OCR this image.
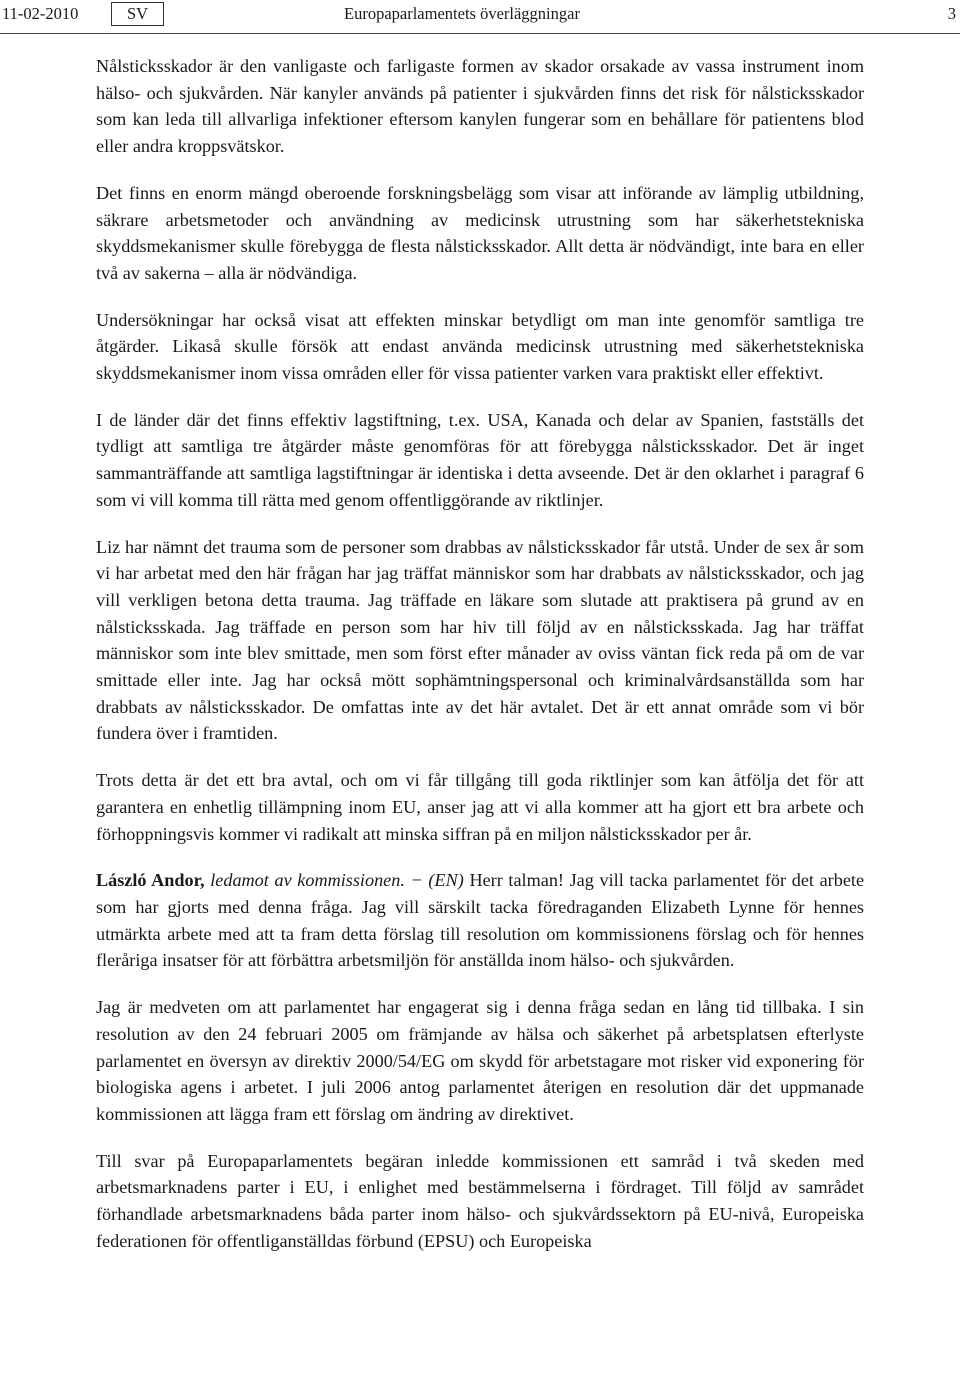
11-02-2010	SV	Europaparlamentets överläggningar	3

Nålsticksskador är den vanligaste och farligaste formen av skador orsakade av vassa instrument inom hälso- och sjukvården. När kanyler används på patienter i sjukvården finns det risk för nålsticksskador som kan leda till allvarliga infektioner eftersom kanylen fungerar som en behållare för patientens blod eller andra kroppsvätskor.

Det finns en enorm mängd oberoende forskningsbelägg som visar att införande av lämplig utbildning, säkrare arbetsmetoder och användning av medicinsk utrustning som har säkerhetstekniska skyddsmekanismer skulle förebygga de flesta nålsticksskador. Allt detta är nödvändigt, inte bara en eller två av sakerna – alla är nödvändiga.

Undersökningar har också visat att effekten minskar betydligt om man inte genomför samtliga tre åtgärder. Likaså skulle försök att endast använda medicinsk utrustning med säkerhetstekniska skyddsmekanismer inom vissa områden eller för vissa patienter varken vara praktiskt eller effektivt.

I de länder där det finns effektiv lagstiftning, t.ex. USA, Kanada och delar av Spanien, fastställs det tydligt att samtliga tre åtgärder måste genomföras för att förebygga nålsticksskador. Det är inget sammanträffande att samtliga lagstiftningar är identiska i detta avseende. Det är den oklarhet i paragraf 6 som vi vill komma till rätta med genom offentliggörande av riktlinjer.

Liz har nämnt det trauma som de personer som drabbas av nålsticksskador får utstå. Under de sex år som vi har arbetat med den här frågan har jag träffat människor som har drabbats av nålsticksskador, och jag vill verkligen betona detta trauma. Jag träffade en läkare som slutade att praktisera på grund av en nålsticksskada. Jag träffade en person som har hiv till följd av en nålsticksskada. Jag har träffat människor som inte blev smittade, men som först efter månader av oviss väntan fick reda på om de var smittade eller inte. Jag har också mött sophämtningspersonal och kriminalvårdsanställda som har drabbats av nålsticksskador. De omfattas inte av det här avtalet. Det är ett annat område som vi bör fundera över i framtiden.

Trots detta är det ett bra avtal, och om vi får tillgång till goda riktlinjer som kan åtfölja det för att garantera en enhetlig tillämpning inom EU, anser jag att vi alla kommer att ha gjort ett bra arbete och förhoppningsvis kommer vi radikalt att minska siffran på en miljon nålsticksskador per år.

László Andor, ledamot av kommissionen. − (EN) Herr talman! Jag vill tacka parlamentet för det arbete som har gjorts med denna fråga. Jag vill särskilt tacka föredraganden Elizabeth Lynne för hennes utmärkta arbete med att ta fram detta förslag till resolution om kommissionens förslag och för hennes fleråriga insatser för att förbättra arbetsmiljön för anställda inom hälso- och sjukvården.

Jag är medveten om att parlamentet har engagerat sig i denna fråga sedan en lång tid tillbaka. I sin resolution av den 24 februari 2005 om främjande av hälsa och säkerhet på arbetsplatsen efterlyste parlamentet en översyn av direktiv 2000/54/EG om skydd för arbetstagare mot risker vid exponering för biologiska agens i arbetet. I juli 2006 antog parlamentet återigen en resolution där det uppmanade kommissionen att lägga fram ett förslag om ändring av direktivet.

Till svar på Europaparlamentets begäran inledde kommissionen ett samråd i två skeden med arbetsmarknadens parter i EU, i enlighet med bestämmelserna i fördraget. Till följd av samrådet förhandlade arbetsmarknadens båda parter inom hälso- och sjukvårdssektorn på EU-nivå, Europeiska federationen för offentliganställdas förbund (EPSU) och Europeiska
